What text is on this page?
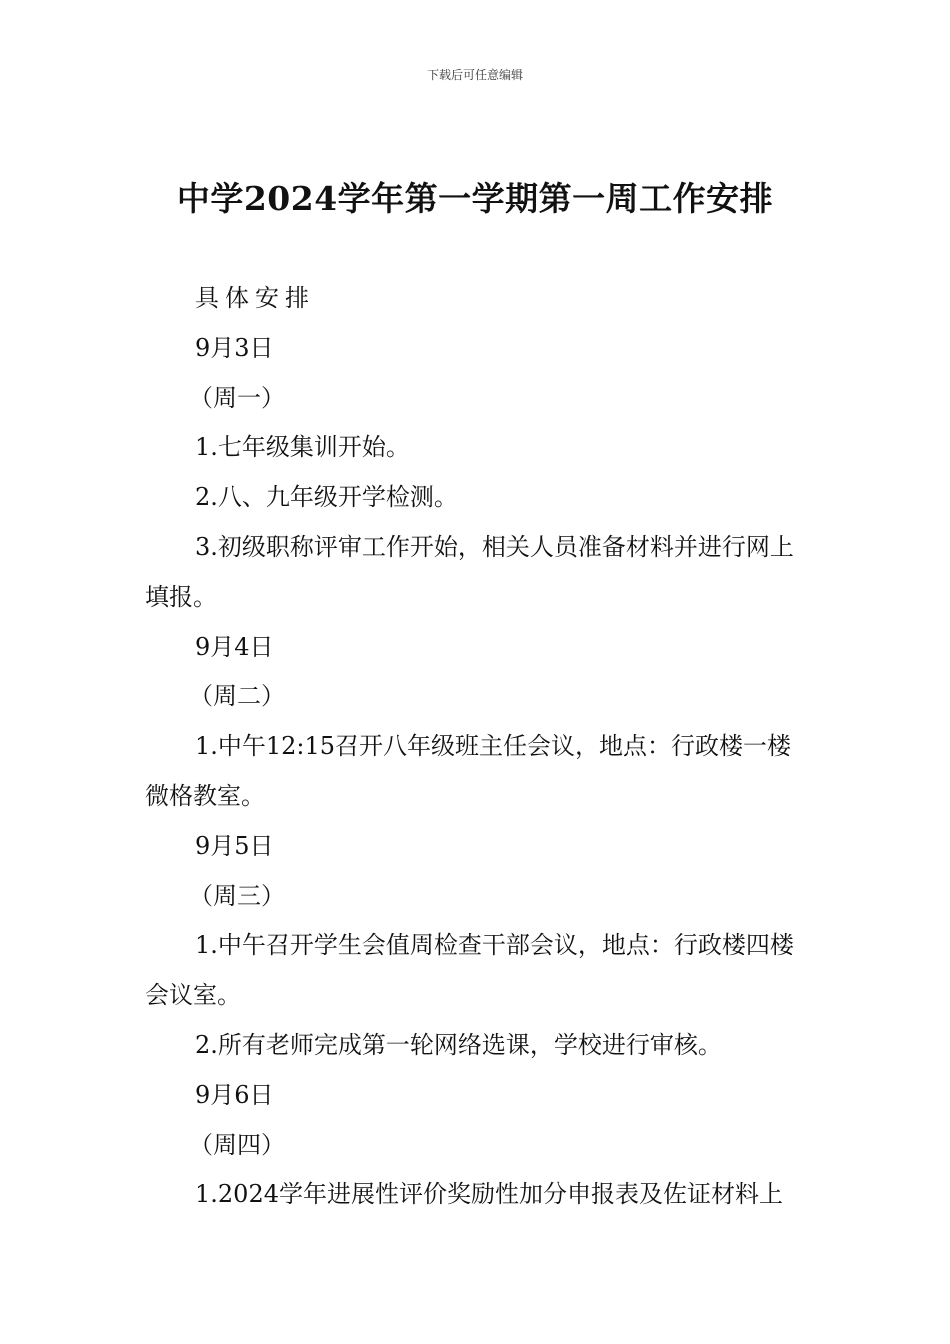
下载后可任意编辑
中学2024学年第一学期第一周工作安排

具体安排

9月3日

（周一）

1.七年级集训开始。

2.八、九年级开学检测。

3.初级职称评审工作开始，相关人员准备材料并进行网上填报。

9月4日

（周二）

1.中午12:15召开八年级班主任会议，地点：行政楼一楼微格教室。

9月5日

（周三）

1.中午召开学生会值周检查干部会议，地点：行政楼四楼会议室。

2.所有老师完成第一轮网络选课，学校进行审核。

9月6日

（周四）

1.2024学年进展性评价奖励性加分申报表及佐证材料上
